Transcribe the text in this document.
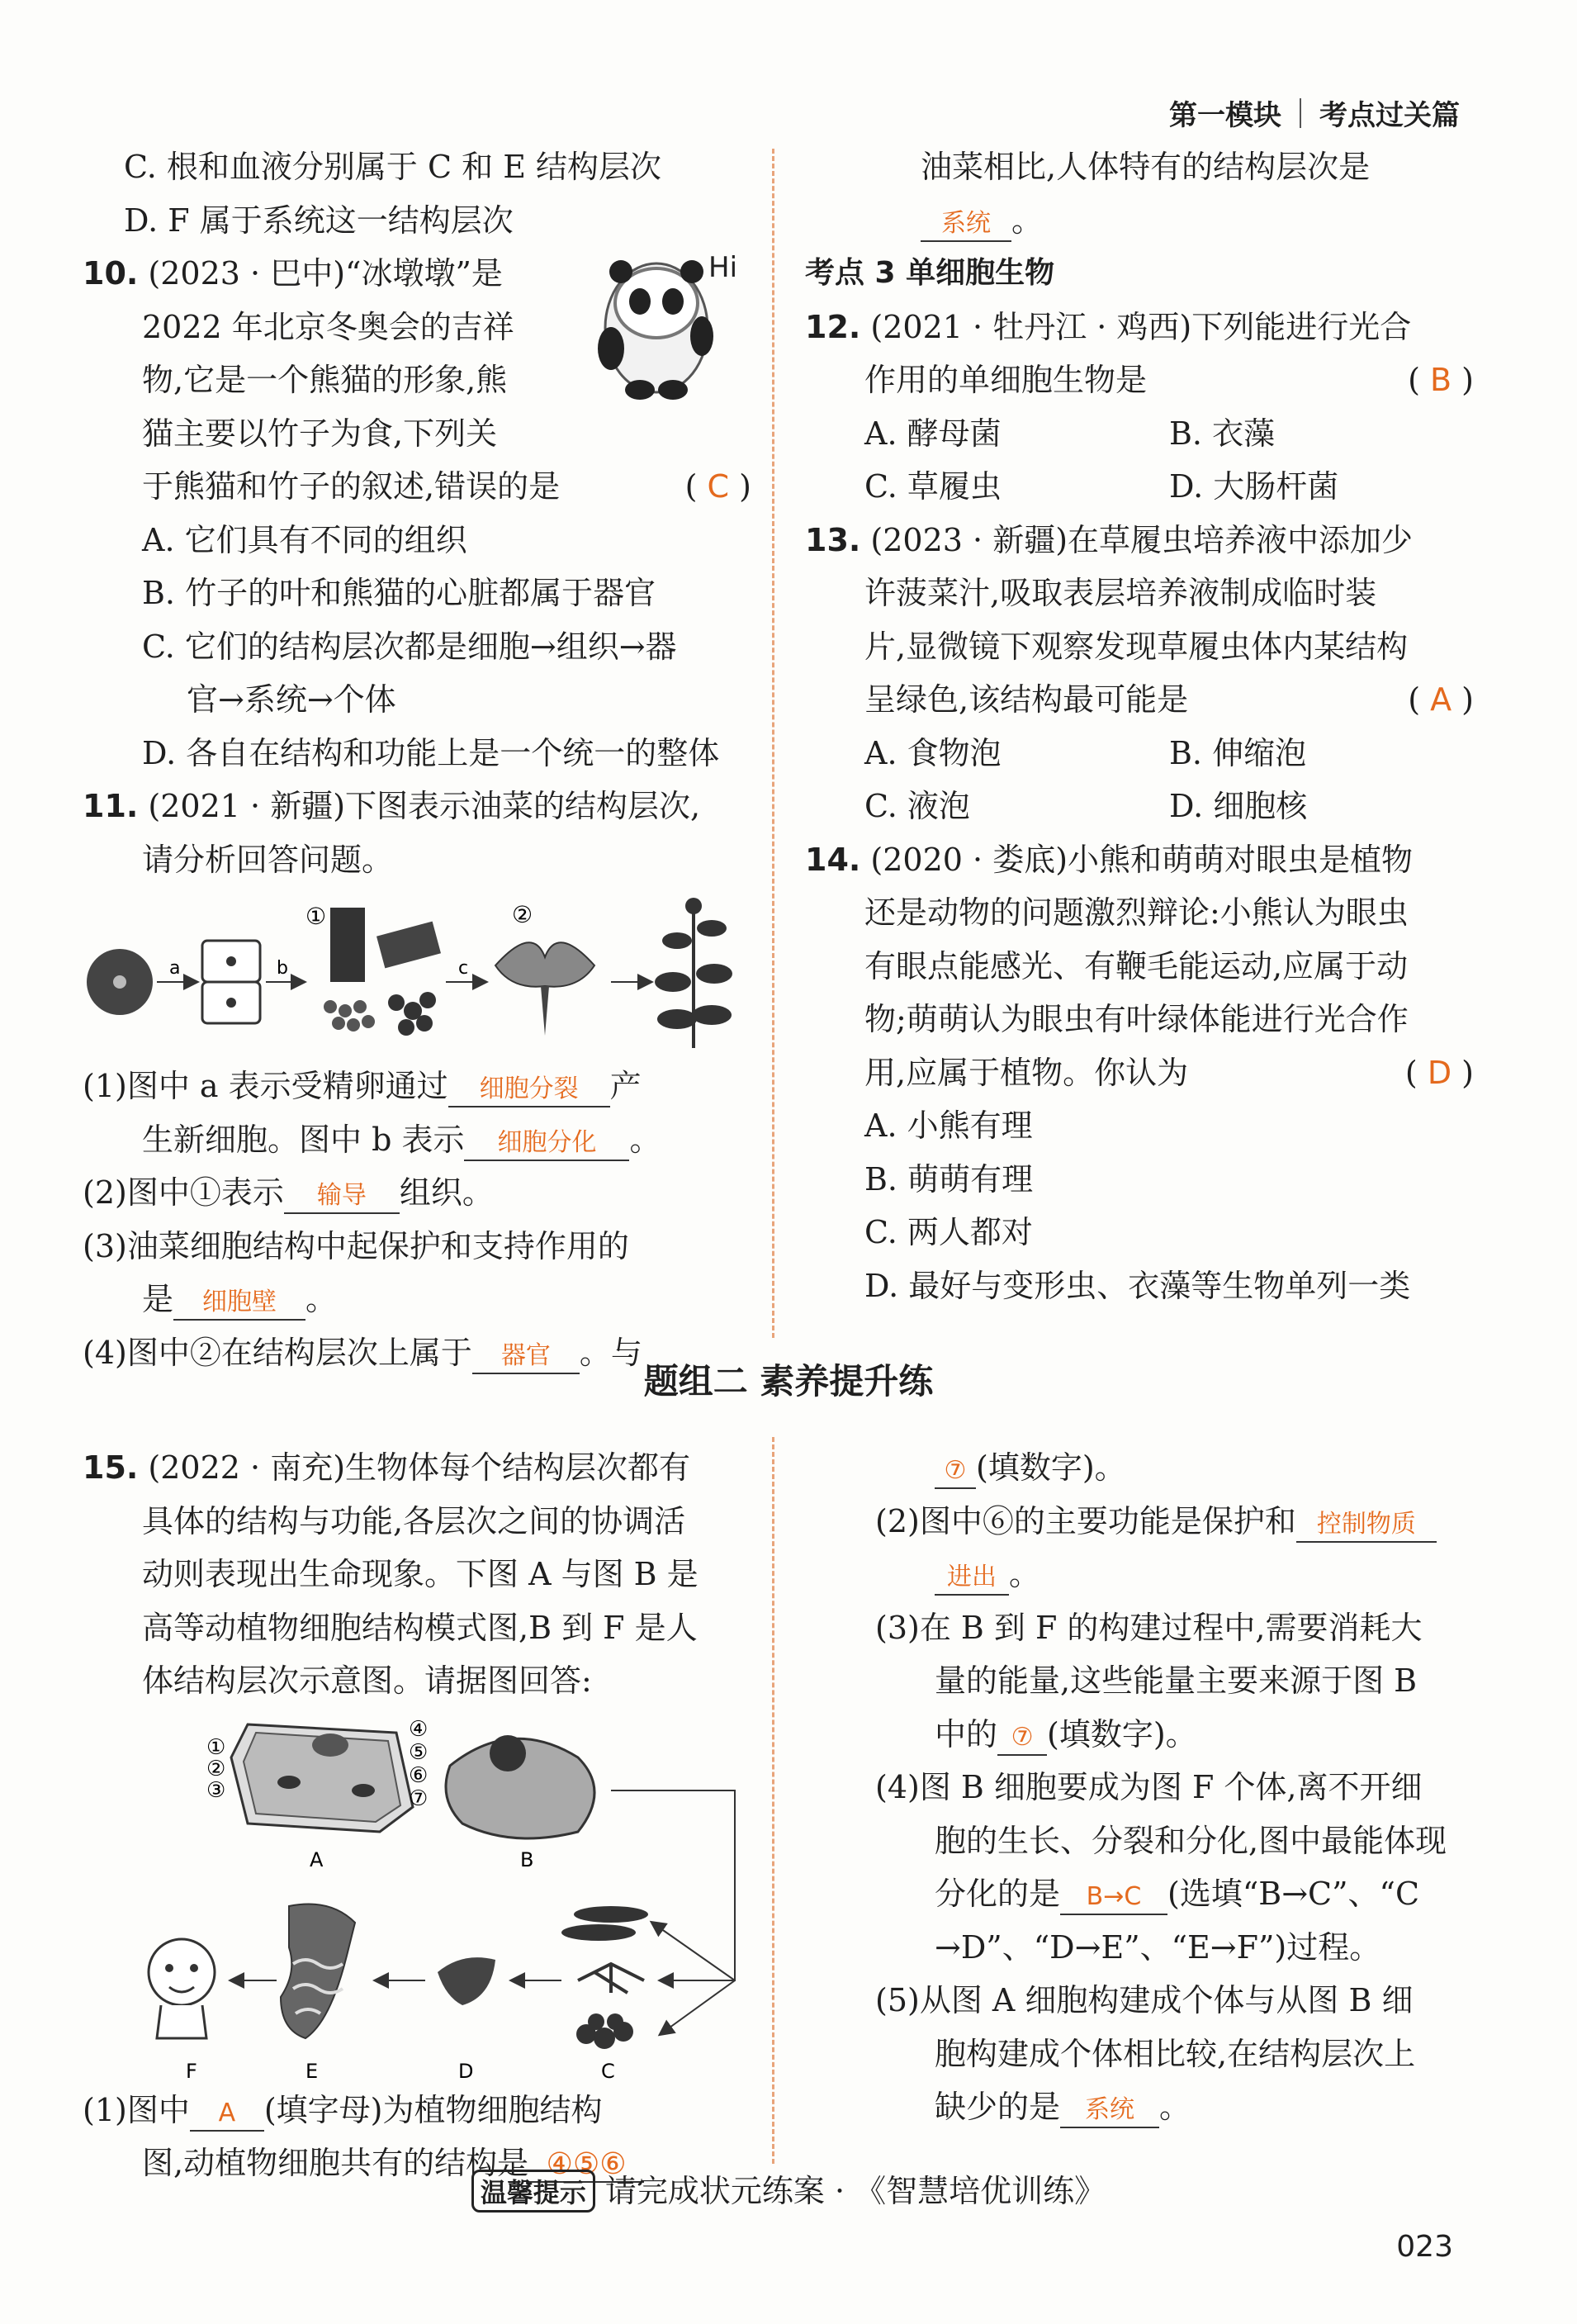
第一模块 考点过关篇

C. 根和血液分别属于 C 和 E 结构层次

D. F 属于系统这一结构层次

Hi

10. (2023 · 巴中)“冰墩墩”是

2022 年北京冬奥会的吉祥

物,它是一个熊猫的形象,熊

猫主要以竹子为食,下列关

于熊猫和竹子的叙述,错误的是	( C )

A. 它们具有不同的组织

B. 竹子的叶和熊猫的心脏都属于器官

C. 它们的结构层次都是细胞→组织→器

官→系统→个体

D. 各自在结构和功能上是一个统一的整体

11. (2021 · 新疆)下图表示油菜的结构层次,

请分析回答问题。

a	b
①
c
②

(1)图中 a 表示受精卵通过 细胞分裂 产

生新细胞。图中 b 表示 细胞分化 。

(2)图中①表示 输导 组织。

(3)油菜细胞结构中起保护和支持作用的

是 细胞壁 。

(4)图中②在结构层次上属于 器官 。与

油菜相比,人体特有的结构层次是

系统 。

考点 3 单细胞生物

12. (2021 · 牡丹江 · 鸡西)下列能进行光合

作用的单细胞生物是	( B )

A. 酵母菌	B. 衣藻

C. 草履虫	D. 大肠杆菌

13. (2023 · 新疆)在草履虫培养液中添加少

许菠菜汁,吸取表层培养液制成临时装

片,显微镜下观察发现草履虫体内某结构

呈绿色,该结构最可能是	( A )

A. 食物泡	B. 伸缩泡

C. 液泡	D. 细胞核

14. (2020 · 娄底)小熊和萌萌对眼虫是植物

还是动物的问题激烈辩论:小熊认为眼虫

有眼点能感光、有鞭毛能运动,应属于动

物;萌萌认为眼虫有叶绿体能进行光合作

用,应属于植物。你认为	( D )

A. 小熊有理

B. 萌萌有理

C. 两人都对

D. 最好与变形虫、衣藻等生物单列一类

题组二 素养提升练

15. (2022 · 南充)生物体每个结构层次都有

具体的结构与功能,各层次之间的协调活

动则表现出生命现象。下图 A 与图 B 是

高等动植物细胞结构模式图,B 到 F 是人

体结构层次示意图。请据图回答:

①
②
③
A
④
⑤
⑥
⑦
B
C
D
E
F

(1)图中 A (填字母)为植物细胞结构

图,动植物细胞共有的结构是 ④⑤⑥

⑦ (填数字)。

(2)图中⑥的主要功能是保护和 控制物质

进出 。

(3)在 B 到 F 的构建过程中,需要消耗大

量的能量,这些能量主要来源于图 B

中的 ⑦ (填数字)。

(4)图 B 细胞要成为图 F 个体,离不开细

胞的生长、分裂和分化,图中最能体现

分化的是 B→C (选填“B→C”、“C

→D”、“D→E”、“E→F”)过程。

(5)从图 A 细胞构建成个体与从图 B 细

胞构建成个体相比较,在结构层次上

缺少的是 系统 。

温馨提示 请完成状元练案 · 《智慧培优训练》
023
